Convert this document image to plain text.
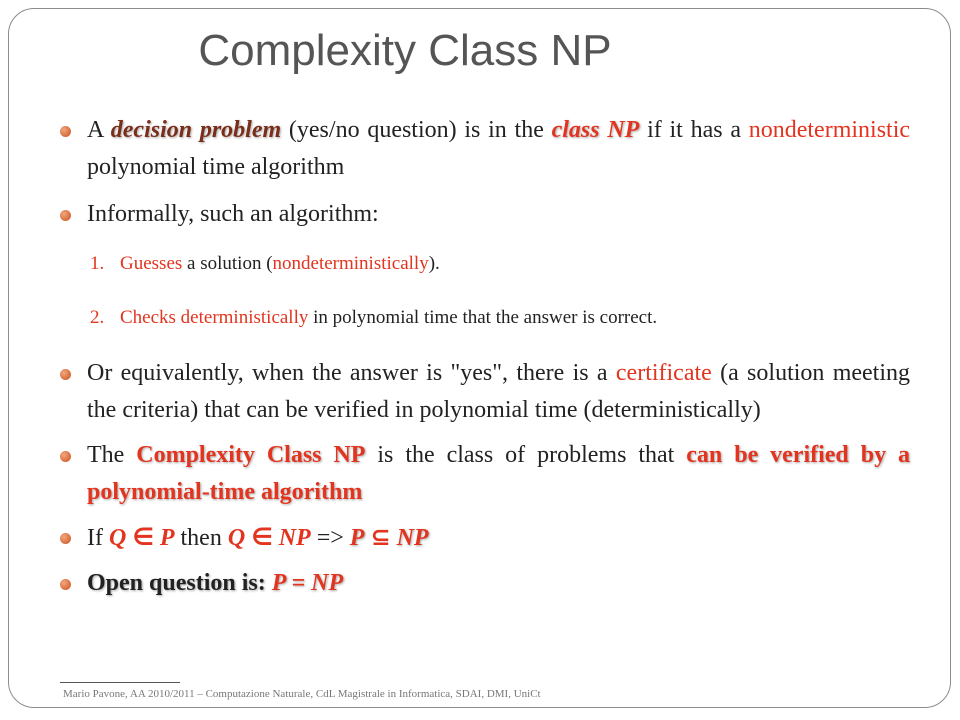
Complexity Class NP

A decision problem (yes/no question) is in the class NP if it has a nondeterministic polynomial time algorithm

Informally, such an algorithm:

1. Guesses a solution (nondeterministically).

2. Checks deterministically in polynomial time that the answer is correct.

Or equivalently, when the answer is "yes", there is a certificate (a solution meeting the criteria) that can be verified in polynomial time (deterministically)

The Complexity Class NP is the class of problems that can be verified by a polynomial-time algorithm

If Q ∈ P then Q ∈ NP => P ⊆ NP

Open question is: P = NP

Mario Pavone, AA 2010/2011 – Computazione Naturale, CdL Magistrale in Informatica, SDAI, DMI, UniCt
